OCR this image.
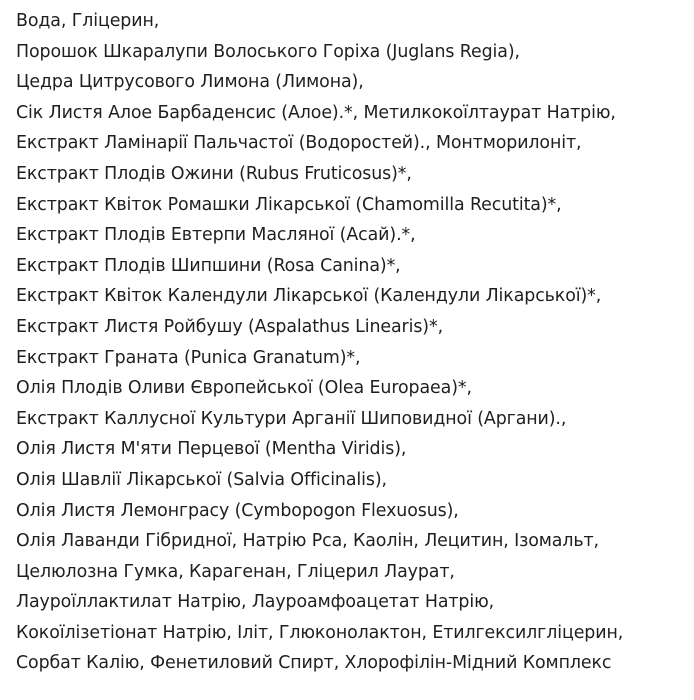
Вода, Гліцерин,
Порошок Шкаралупи Волоського Горіха (Juglans Regia),
Цедра Цитрусового Лимона (Лимона),
Сік Листя Алое Барбаденсис (Алое).*, Метилкокоїлтаурат Натрію,
Екстракт Ламінарії Пальчастої (Водоростей)., Монтморилоніт,
Екстракт Плодів Ожини (Rubus Fruticosus)*,
Екстракт Квіток Ромашки Лікарської (Chamomilla Recutita)*,
Екстракт Плодів Евтерпи Масляної (Асай).*,
Екстракт Плодів Шипшини (Rosa Canina)*,
Екстракт Квіток Календули Лікарської (Календули Лікарської)*,
Екстракт Листя Ройбушу (Aspalathus Linearis)*,
Екстракт Граната (Punica Granatum)*,
Олія Плодів Оливи Європейської (Olea Europaea)*,
Екстракт Каллусної Культури Арганії Шиповидної (Аргани).,
Олія Листя М'яти Перцевої (Mentha Viridis),
Олія Шавлії Лікарської (Salvia Officinalis),
Олія Листя Лемонграсу (Cymbopogon Flexuosus),
Олія Лаванди Гібридної, Натрію Pca, Каолін, Лецитин, Ізомальт,
Целюлозна Гумка, Карагенан, Гліцерил Лаурат,
Лауроїллактилат Натрію, Лауроамфоацетат Натрію,
Кокоїлізетіонат Натрію, Іліт, Глюконолактон, Етилгексилгліцерин,
Сорбат Калію, Фенетиловий Спирт, Хлорофілін-Мідний Комплекс
